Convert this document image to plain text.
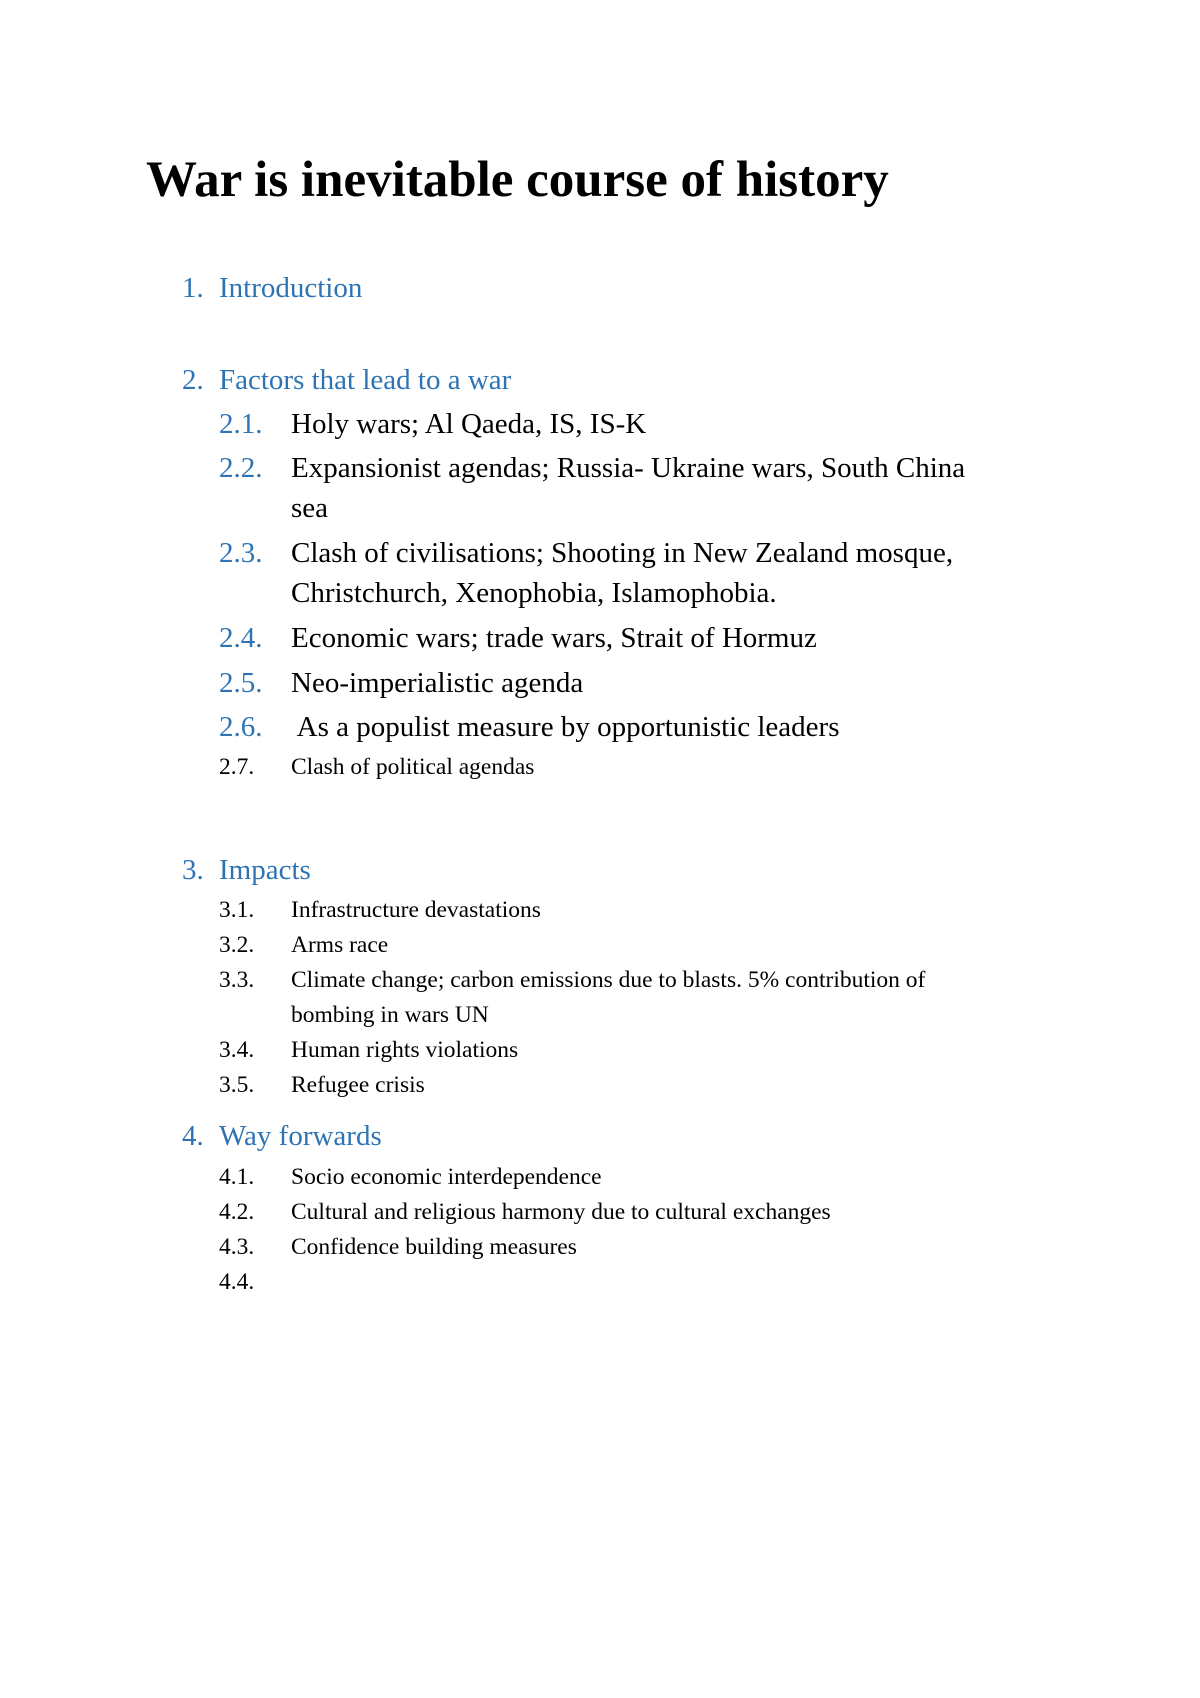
War is inevitable course of history
1. Introduction
2. Factors that lead to a war
2.1. Holy wars; Al Qaeda, IS, IS-K
2.2. Expansionist agendas; Russia- Ukraine wars, South China
sea
2.3. Clash of civilisations; Shooting in New Zealand mosque,
Christchurch, Xenophobia, Islamophobia.
2.4. Economic wars; trade wars, Strait of Hormuz
2.5. Neo-imperialistic agenda
2.6. As a populist measure by opportunistic leaders
2.7. Clash of political agendas
3. Impacts
3.1. Infrastructure devastations
3.2. Arms race
3.3. Climate change; carbon emissions due to blasts. 5% contribution of
bombing in wars UN
3.4. Human rights violations
3.5. Refugee crisis
4. Way forwards
4.1. Socio economic interdependence
4.2. Cultural and religious harmony due to cultural exchanges
4.3. Confidence building measures
4.4.
